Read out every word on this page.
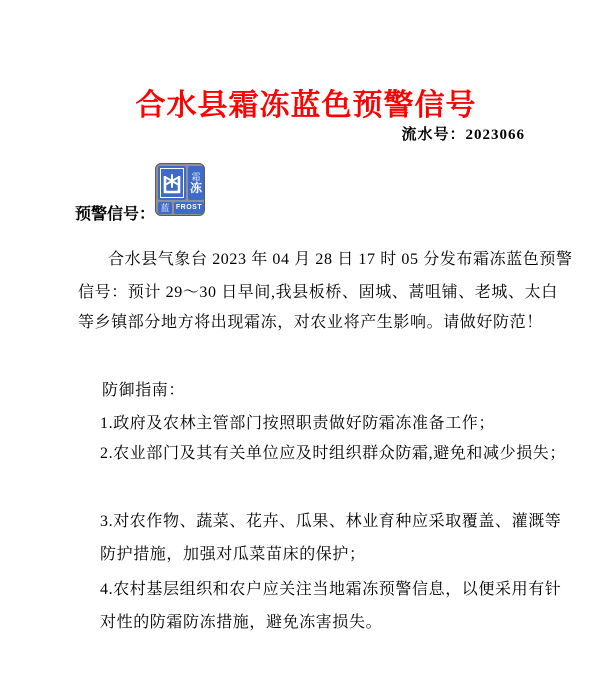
合水县霜冻蓝色预警信号
流水号：2023066
预警信号：
霜
冻
蓝 FROST
合水县气象台 2023 年 04 月 28 日 17 时 05 分发布霜冻蓝色预警
信号：预计 29～30 日早间,我县板桥、固城、蒿咀铺、老城、太白
等乡镇部分地方将出现霜冻，对农业将产生影响。请做好防范！
防御指南：
1.政府及农林主管部门按照职责做好防霜冻准备工作；
2.农业部门及其有关单位应及时组织群众防霜,避免和减少损失；
3.对农作物、蔬菜、花卉、瓜果、林业育种应采取覆盖、灌溉等
防护措施，加强对瓜菜苗床的保护；
4.农村基层组织和农户应关注当地霜冻预警信息，以便采用有针
对性的防霜防冻措施，避免冻害损失。
